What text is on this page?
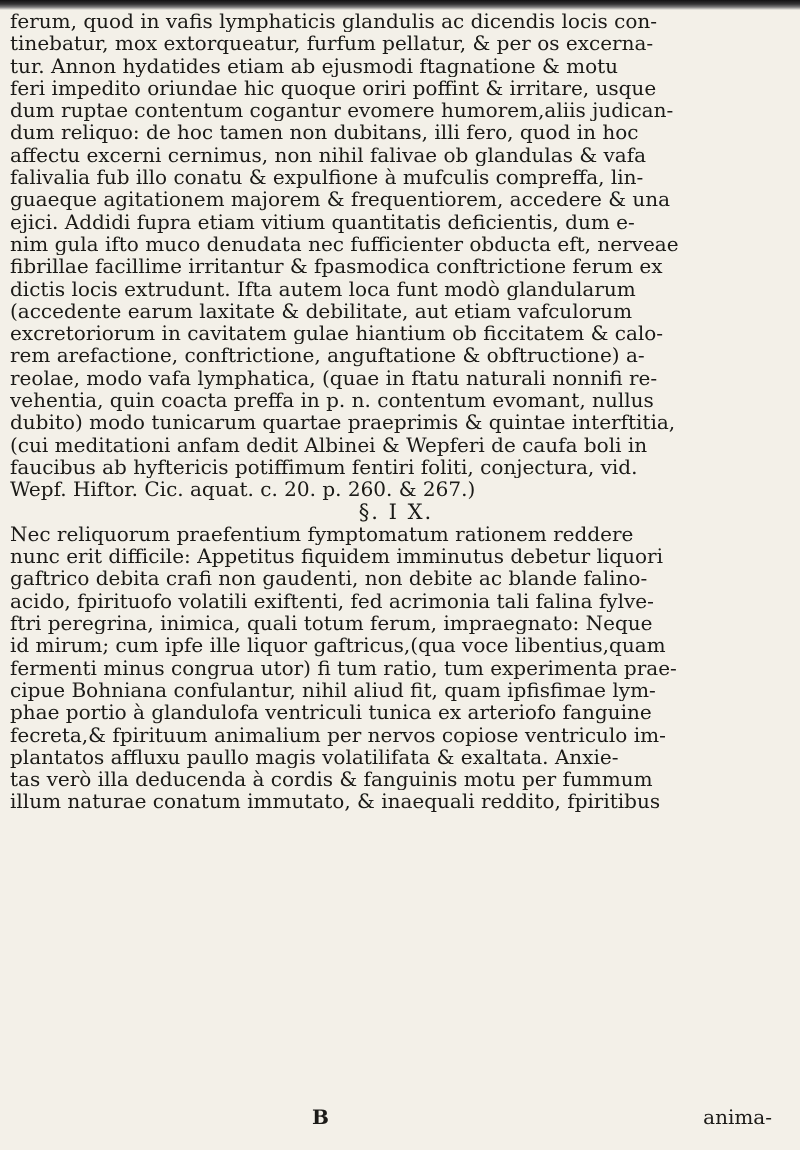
ferum, quod in vafis lymphaticis glandulis ac dicendis locis con-
tinebatur, mox extorqueatur, furfum pellatur, & per os excerna-
tur. Annon hydatides etiam ab ejusmodi ftagnatione & motu
feri impedito oriundae hic quoque oriri poffint & irritare, usque
dum ruptae contentum cogantur evomere humorem,aliis judican-
dum reliquo: de hoc tamen non dubitans, illi fero, quod in hoc
affectu excerni cernimus, non nihil falivae ob glandulas & vafa
falivalia fub illo conatu & expulfione à mufculis compreffa, lin-
guaeque agitationem majorem & frequentiorem, accedere & una
ejici. Addidi fupra etiam vitium quantitatis deficientis, dum e-
nim gula ifto muco denudata nec fufficienter obducta eft, nerveae
fibrillae facillime irritantur & fpasmodica conftrictione ferum ex
dictis locis extrudunt. Ifta autem loca funt modò glandularum
(accedente earum laxitate & debilitate, aut etiam vafculorum
excretoriorum in cavitatem gulae hiantium ob ficcitatem & calo-
rem arefactione, conftrictione, anguftatione & obftructione) a-
reolae, modo vafa lymphatica, (quae in ftatu naturali nonnifi re-
vehentia, quin coacta preffa in p. n. contentum evomant, nullus
dubito) modo tunicarum quartae praeprimis & quintae interftitia,
(cui meditationi anfam dedit Albinei & Wepferi de caufa boli in
faucibus ab hyftericis potiffimum fentiri foliti, conjectura, vid.
Wepf. Hiftor. Cic. aquat. c. 20. p. 260. & 267.)
§. I X.
Nec reliquorum praefentium fymptomatum rationem reddere
nunc erit difficile: Appetitus fiquidem imminutus debetur liquori
gaftrico debita crafi non gaudenti, non debite ac blande falino-
acido, fpirituofo volatili exiftenti, fed acrimonia tali falina fylve-
ftri peregrina, inimica, quali totum ferum, impraegnato: Neque
id mirum; cum ipfe ille liquor gaftricus,(qua voce libentius,quam
fermenti minus congrua utor) fi tum ratio, tum experimenta prae-
cipue Bohniana confulantur, nihil aliud fit, quam ipfisfimae lym-
phae portio à glandulofa ventriculi tunica ex arteriofo fanguine
fecreta,& fpirituum animalium per nervos copiose ventriculo im-
plantatos affluxu paullo magis volatilifata & exaltata. Anxie-
tas verò illa deducenda à cordis & fanguinis motu per fummum
illum naturae conatum immutato, & inaequali reddito, fpiritibus
B	anima-
